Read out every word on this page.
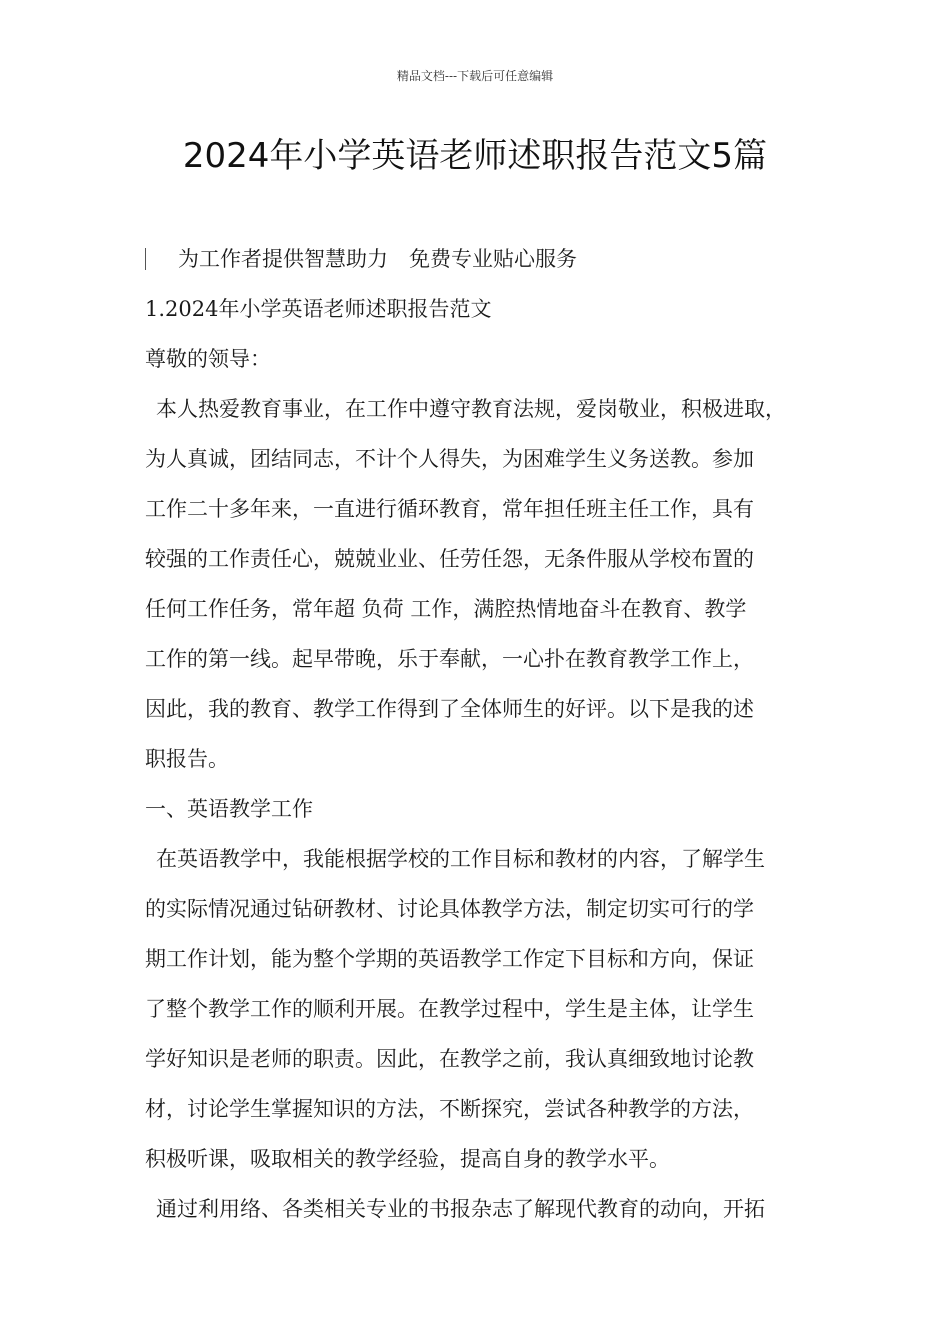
精品文档---下载后可任意编辑
2024年小学英语老师述职报告范文5篇

为工作者提供智慧助力　免费专业贴心服务

1.2024年小学英语老师述职报告范文

尊敬的领导：

本人热爱教育事业，在工作中遵守教育法规，爱岗敬业，积极进取，
为人真诚，团结同志，不计个人得失，为困难学生义务送教。参加
工作二十多年来，一直进行循环教育，常年担任班主任工作，具有
较强的工作责任心，兢兢业业、任劳任怨，无条件服从学校布置的
任何工作任务，常年超 负荷 工作，满腔热情地奋斗在教育、教学
工作的第一线。起早带晚，乐于奉献，一心扑在教育教学工作上，
因此，我的教育、教学工作得到了全体师生的好评。以下是我的述
职报告。

一、英语教学工作

在英语教学中，我能根据学校的工作目标和教材的内容，了解学生
的实际情况通过钻研教材、讨论具体教学方法，制定切实可行的学
期工作计划，能为整个学期的英语教学工作定下目标和方向，保证
了整个教学工作的顺利开展。在教学过程中，学生是主体，让学生
学好知识是老师的职责。因此，在教学之前，我认真细致地讨论教
材，讨论学生掌握知识的方法，不断探究，尝试各种教学的方法，
积极听课，吸取相关的教学经验，提高自身的教学水平。

通过利用络、各类相关专业的书报杂志了解现代教育的动向，开拓
